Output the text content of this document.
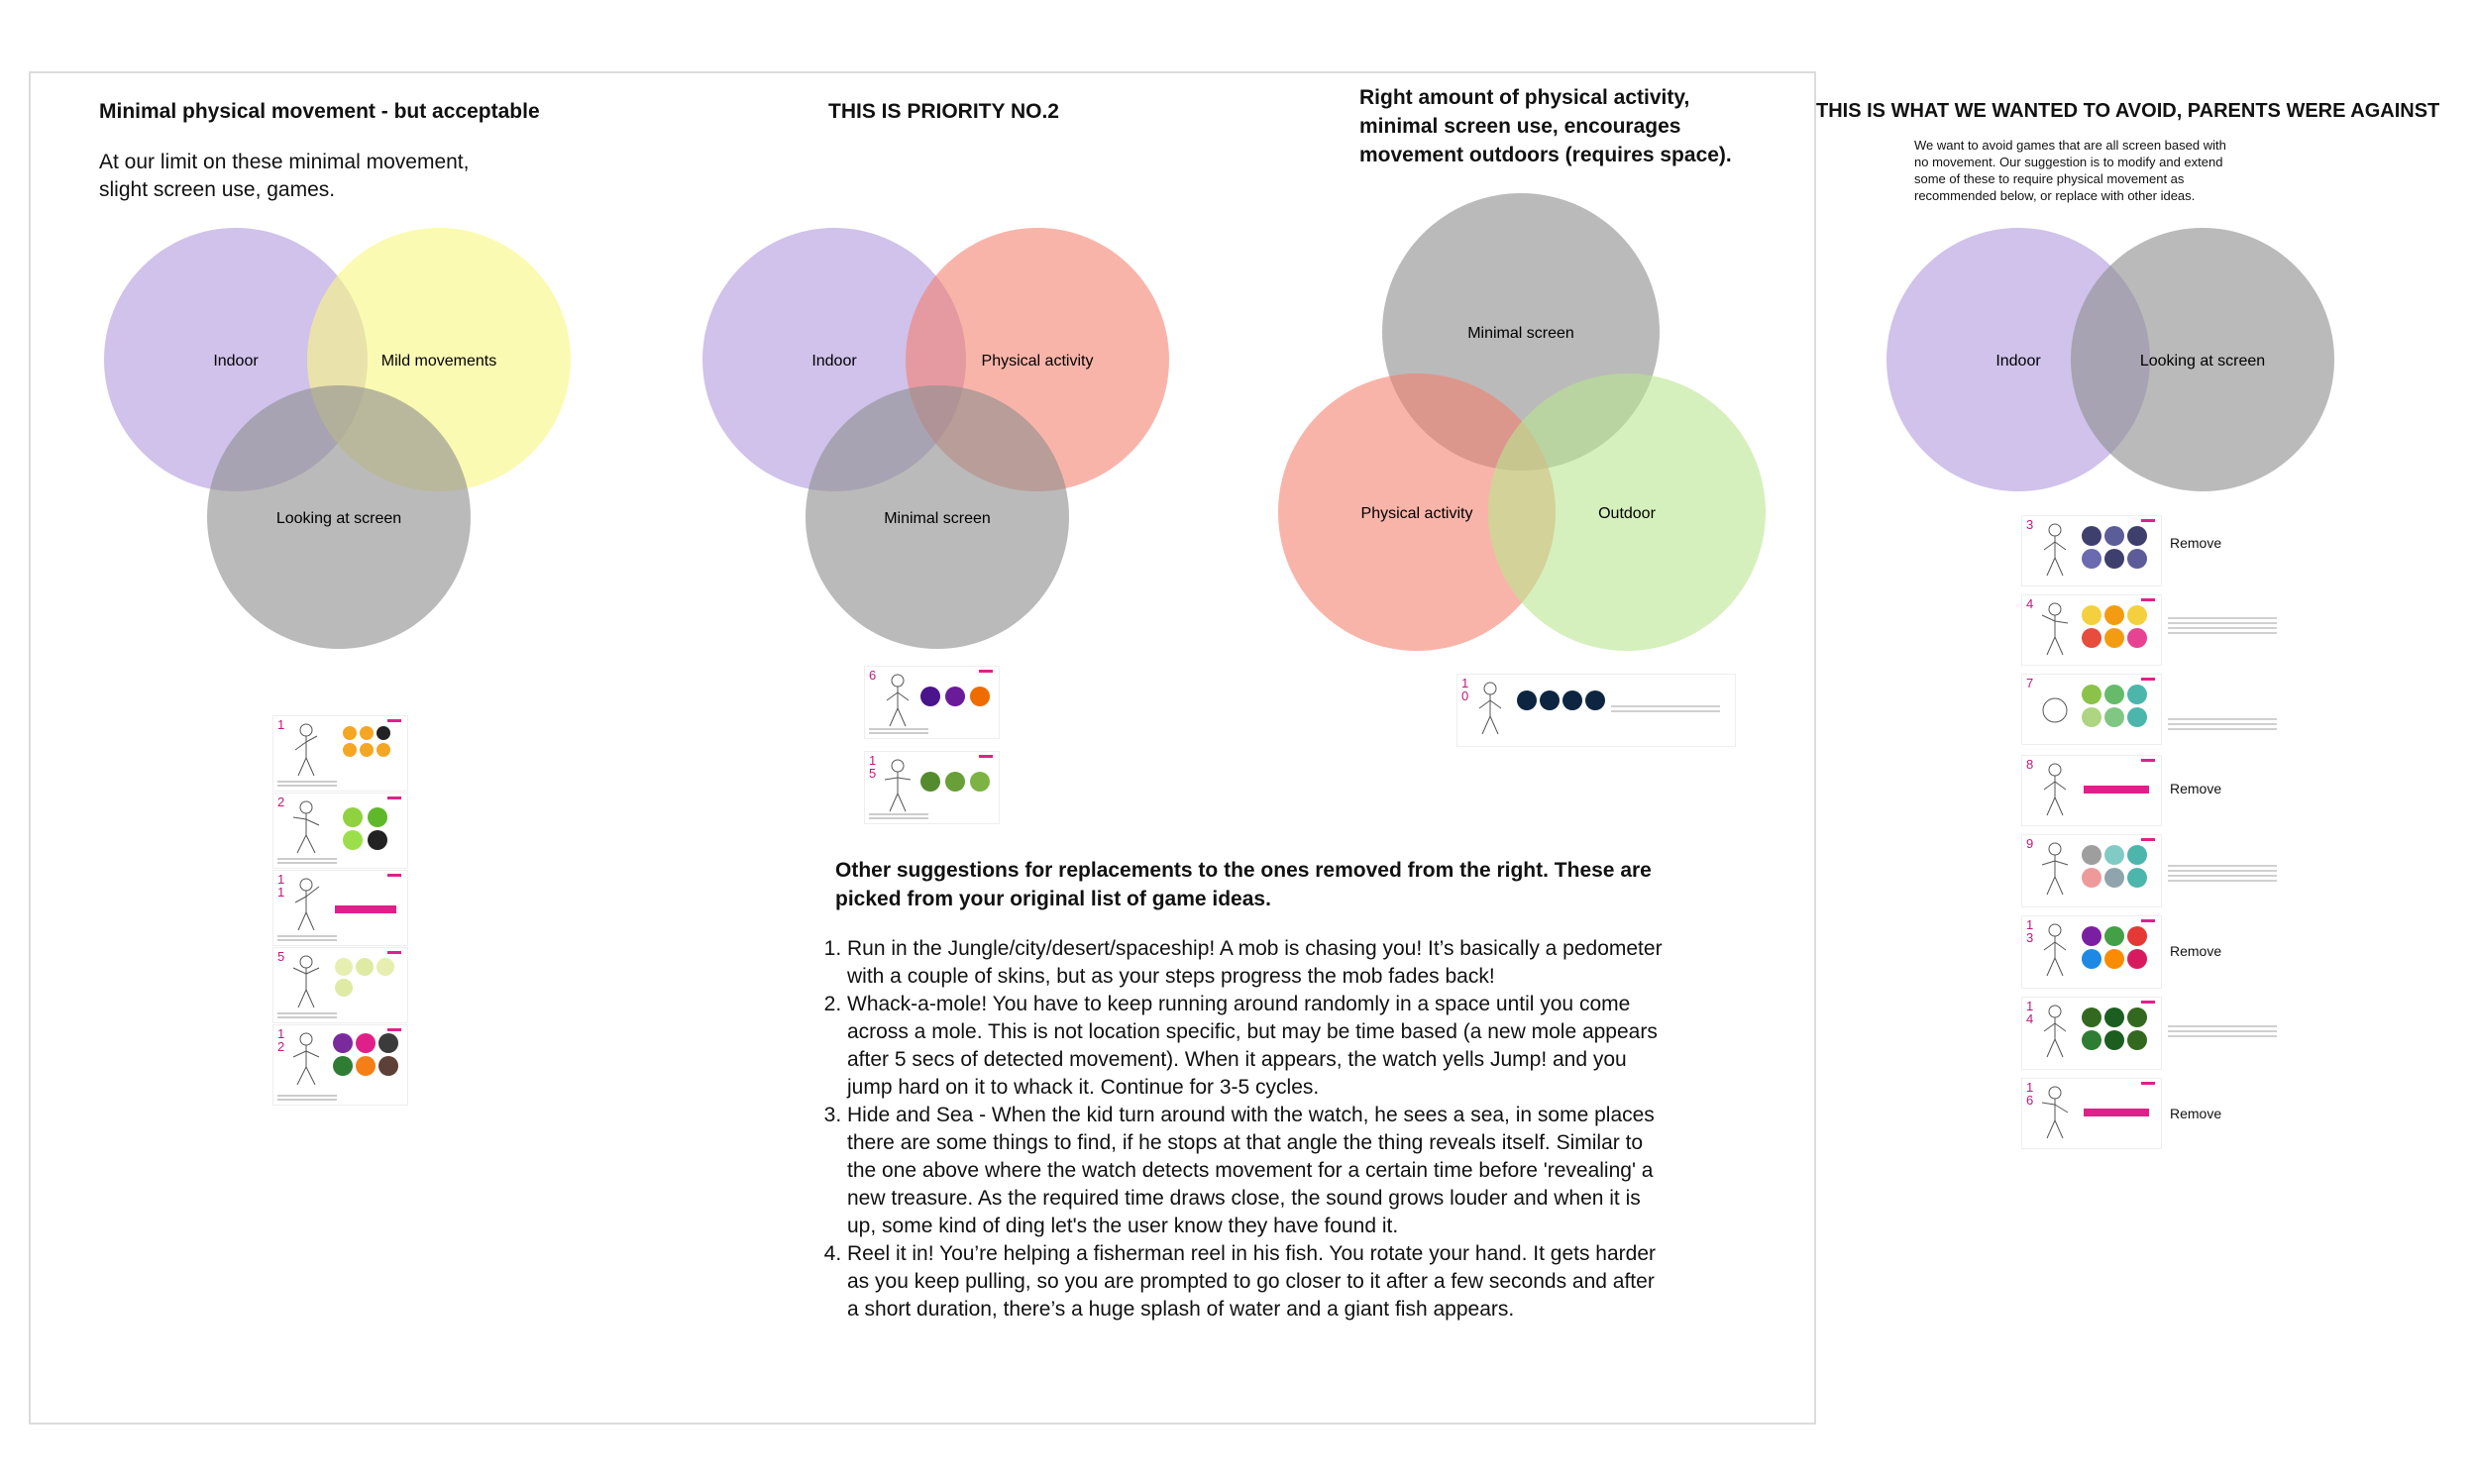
Minimal physical movement - but acceptable
At our limit on these minimal movement,
slight screen use, games.
Indoor	Mild movements
Looking at screen
THIS IS PRIORITY NO.2
Indoor	Physical activity
Minimal screen
Right amount of physical activity,
minimal screen use, encourages
movement outdoors (requires space).
Minimal screen
Physical activity	Outdoor
THIS IS WHAT WE WANTED TO AVOID, PARENTS WERE AGAINST
We want to avoid games that are all screen based with
no movement. Our suggestion is to modify and extend
some of these to require physical movement as
recommended below, or replace with other ideas.
Indoor	Looking at screen
1
2
11
5
12
6
15
10
3
Remove
4
7
8
Remove
9
13
Remove
14
16
Remove
Other suggestions for replacements to the ones removed from the right. These are
picked from your original list of game ideas.
1. Run in the Jungle/city/desert/spaceship! A mob is chasing you! It’s basically a pedometer with a couple of skins, but as your steps progress the mob fades back!
2. Whack-a-mole! You have to keep running around randomly in a space until you come across a mole. This is not location specific, but may be time based (a new mole appears after 5 secs of detected movement). When it appears, the watch yells Jump! and you jump hard on it to whack it. Continue for 3-5 cycles.
3. Hide and Sea - When the kid turn around with the watch, he sees a sea, in some places there are some things to find, if he stops at that angle the thing reveals itself. Similar to the one above where the watch detects movement for a certain time before 'revealing' a new treasure. As the required time draws close, the sound grows louder and when it is up, some kind of ding let's the user know they have found it.
4. Reel it in! You’re helping a fisherman reel in his fish. You rotate your hand. It gets harder as you keep pulling, so you are prompted to go closer to it after a few seconds and after a short duration, there’s a huge splash of water and a giant fish appears.
